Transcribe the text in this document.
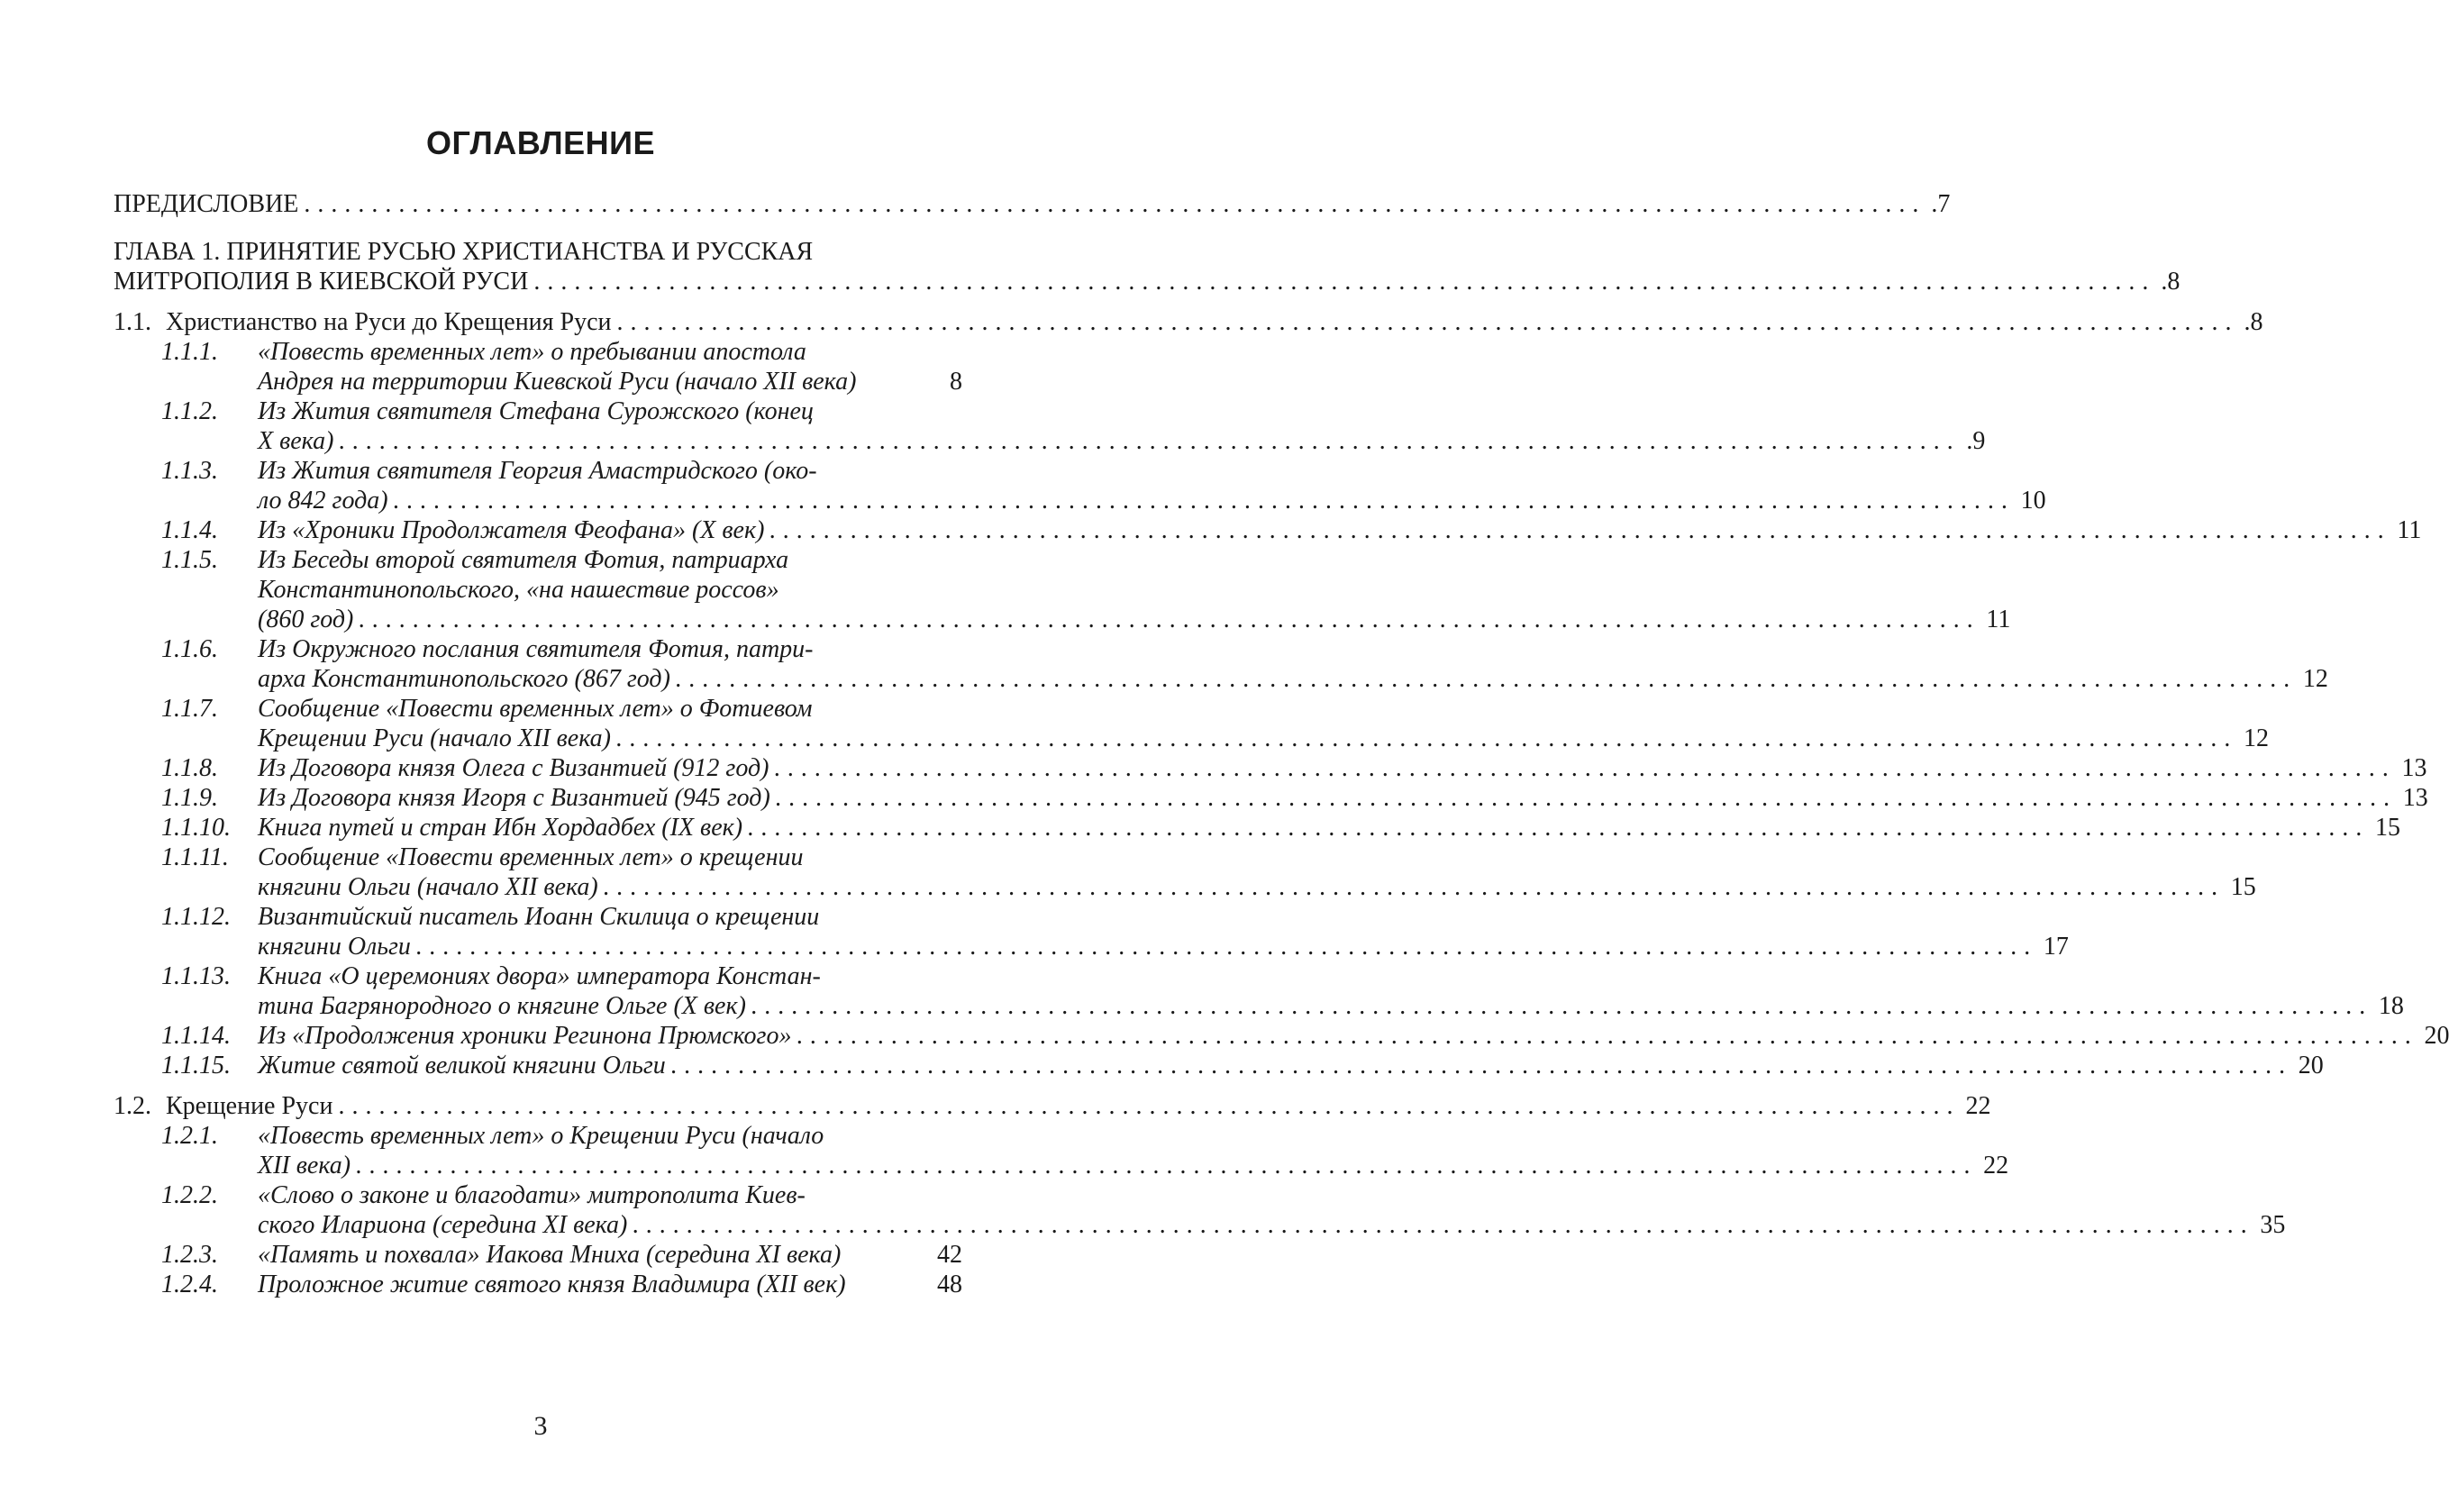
ОГЛАВЛЕНИЕ
ПРЕДИСЛОВИЕ ........................................................................................................................ .7
ГЛАВА 1. ПРИНЯТИЕ РУСЬЮ ХРИСТИАНСТВА И РУССКАЯ
МИТРОПОЛИЯ В КИЕВСКОЙ РУСИ ........................................................................................................................ .8
1.1. Христианство на Руси до Крещения Руси ........................................................................................................................ .8
1.1.1. «Повесть временных лет» о пребывании апостола
Андрея на территории Киевской Руси (начало XII века)	8
1.1.2. Из Жития святителя Стефана Сурожского (конец
X века) ........................................................................................................................ .9
1.1.3. Из Жития святителя Георгия Амастридского (око-
ло 842 года) ........................................................................................................................ 10
1.1.4. Из «Хроники Продолжателя Феофана» (X век) ........................................................................................................................ 11
1.1.5. Из Беседы второй святителя Фотия, патриарха
Константинопольского, «на нашествие россов»
(860 год) ........................................................................................................................ 11
1.1.6. Из Окружного послания святителя Фотия, патри-
арха Константинопольского (867 год) ........................................................................................................................ 12
1.1.7. Сообщение «Повести временных лет» о Фотиевом
Крещении Руси (начало XII века) ........................................................................................................................ 12
1.1.8. Из Договора князя Олега с Византией (912 год) ........................................................................................................................ 13
1.1.9. Из Договора князя Игоря с Византией (945 год) ........................................................................................................................ 13
1.1.10. Книга путей и стран Ибн Хордадбех (IX век) ........................................................................................................................ 15
1.1.11. Сообщение «Повести временных лет» о крещении
княгини Ольги (начало XII века) ........................................................................................................................ 15
1.1.12. Византийский писатель Иоанн Скилица о крещении
княгини Ольги ........................................................................................................................ 17
1.1.13. Книга «О церемониях двора» императора Констан-
тина Багрянородного о княгине Ольге (X век) ........................................................................................................................ 18
1.1.14. Из «Продолжения хроники Регинона Прюмского» ........................................................................................................................ 20
1.1.15. Житие святой великой княгини Ольги ........................................................................................................................ 20
1.2. Крещение Руси ........................................................................................................................ 22
1.2.1. «Повесть временных лет» о Крещении Руси (начало
XII века) ........................................................................................................................ 22
1.2.2. «Слово о законе и благодати» митрополита Киев-
ского Илариона (середина XI века) ........................................................................................................................ 35
1.2.3. «Память и похвала» Иакова Мниха (середина XI века)	42
1.2.4. Проложное житие святого князя Владимира (XII век)	48
3
